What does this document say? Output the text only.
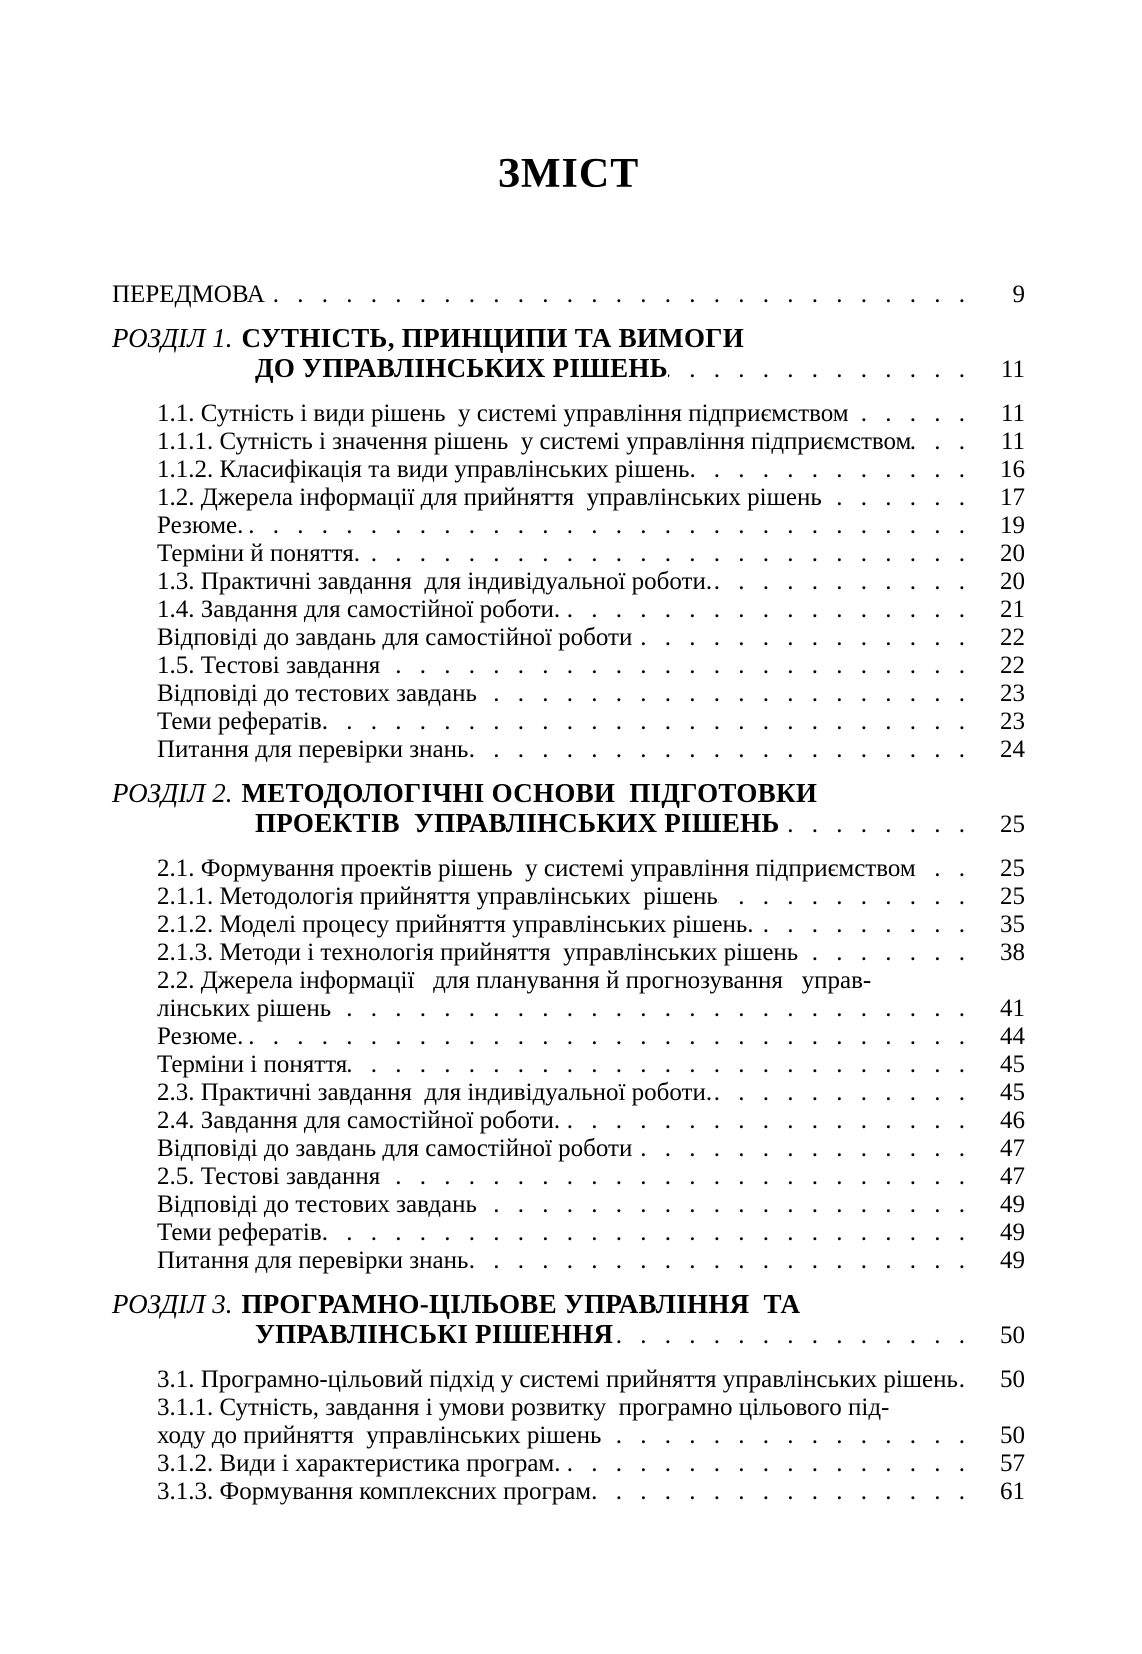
ЗМІСТ
ПЕРЕДМОВА . . .	9
РОЗДІЛ 1. СУТНІСТЬ, ПРИНЦИПИ ТА ВИМОГИ
ДО УПРАВЛІНСЬКИХ РІШЕНЬ . . .	11
1.1. Сутність і види рішень  у системі управління підприємством . . .	11
1.1.1. Сутність і значення рішень  у системі управління підприємством . . .	11
1.1.2. Класифікація та види управлінських рішень. . . .	16
1.2. Джерела інформації для прийняття  управлінських рішень . . .	17
Резюме. . . .	19
Терміни й поняття. . . .	20
1.3. Практичні завдання  для індивідуальної роботи. . . .	20
1.4. Завдання для самостійної роботи. . . .	21
Відповіді до завдань для самостійної роботи . . .	22
1.5. Тестові завдання . . .	22
Відповіді до тестових завдань . . .	23
Теми рефератів . . .	23
Питання для перевірки знань . . .	24
РОЗДІЛ 2. МЕТОДОЛОГІЧНІ ОСНОВИ  ПІДГОТОВКИ
ПРОЕКТІВ  УПРАВЛІНСЬКИХ РІШЕНЬ . . .	25
2.1. Формування проектів рішень  у системі управління підприємством . . .	25
2.1.1. Методологія прийняття управлінських  рішень . . .	25
2.1.2. Моделі процесу прийняття управлінських рішень. . . .	35
2.1.3. Методи і технологія прийняття  управлінських рішень . . .	38
2.2. Джерела інформації   для планування й прогнозування   управ-
лінських рішень . . .	41
Резюме. . . .	44
Терміни і поняття . . .	45
2.3. Практичні завдання  для індивідуальної роботи. . . .	45
2.4. Завдання для самостійної роботи. . . .	46
Відповіді до завдань для самостійної роботи . . .	47
2.5. Тестові завдання . . .	47
Відповіді до тестових завдань . . .	49
Теми рефератів . . .	49
Питання для перевірки знань . . .	49
РОЗДІЛ 3. ПРОГРАМНО-ЦІЛЬОВЕ УПРАВЛІННЯ  ТА
УПРАВЛІНСЬКІ РІШЕННЯ . . .	50
3.1. Програмно-цільовий підхід у системі прийняття управлінських рішень . . .	50
3.1.1. Сутність, завдання і умови розвитку  програмно цільового під-
ходу до прийняття  управлінських рішень . . .	50
3.1.2. Види і характеристика програм. . . .	57
3.1.3. Формування комплексних програм. . . .	61
